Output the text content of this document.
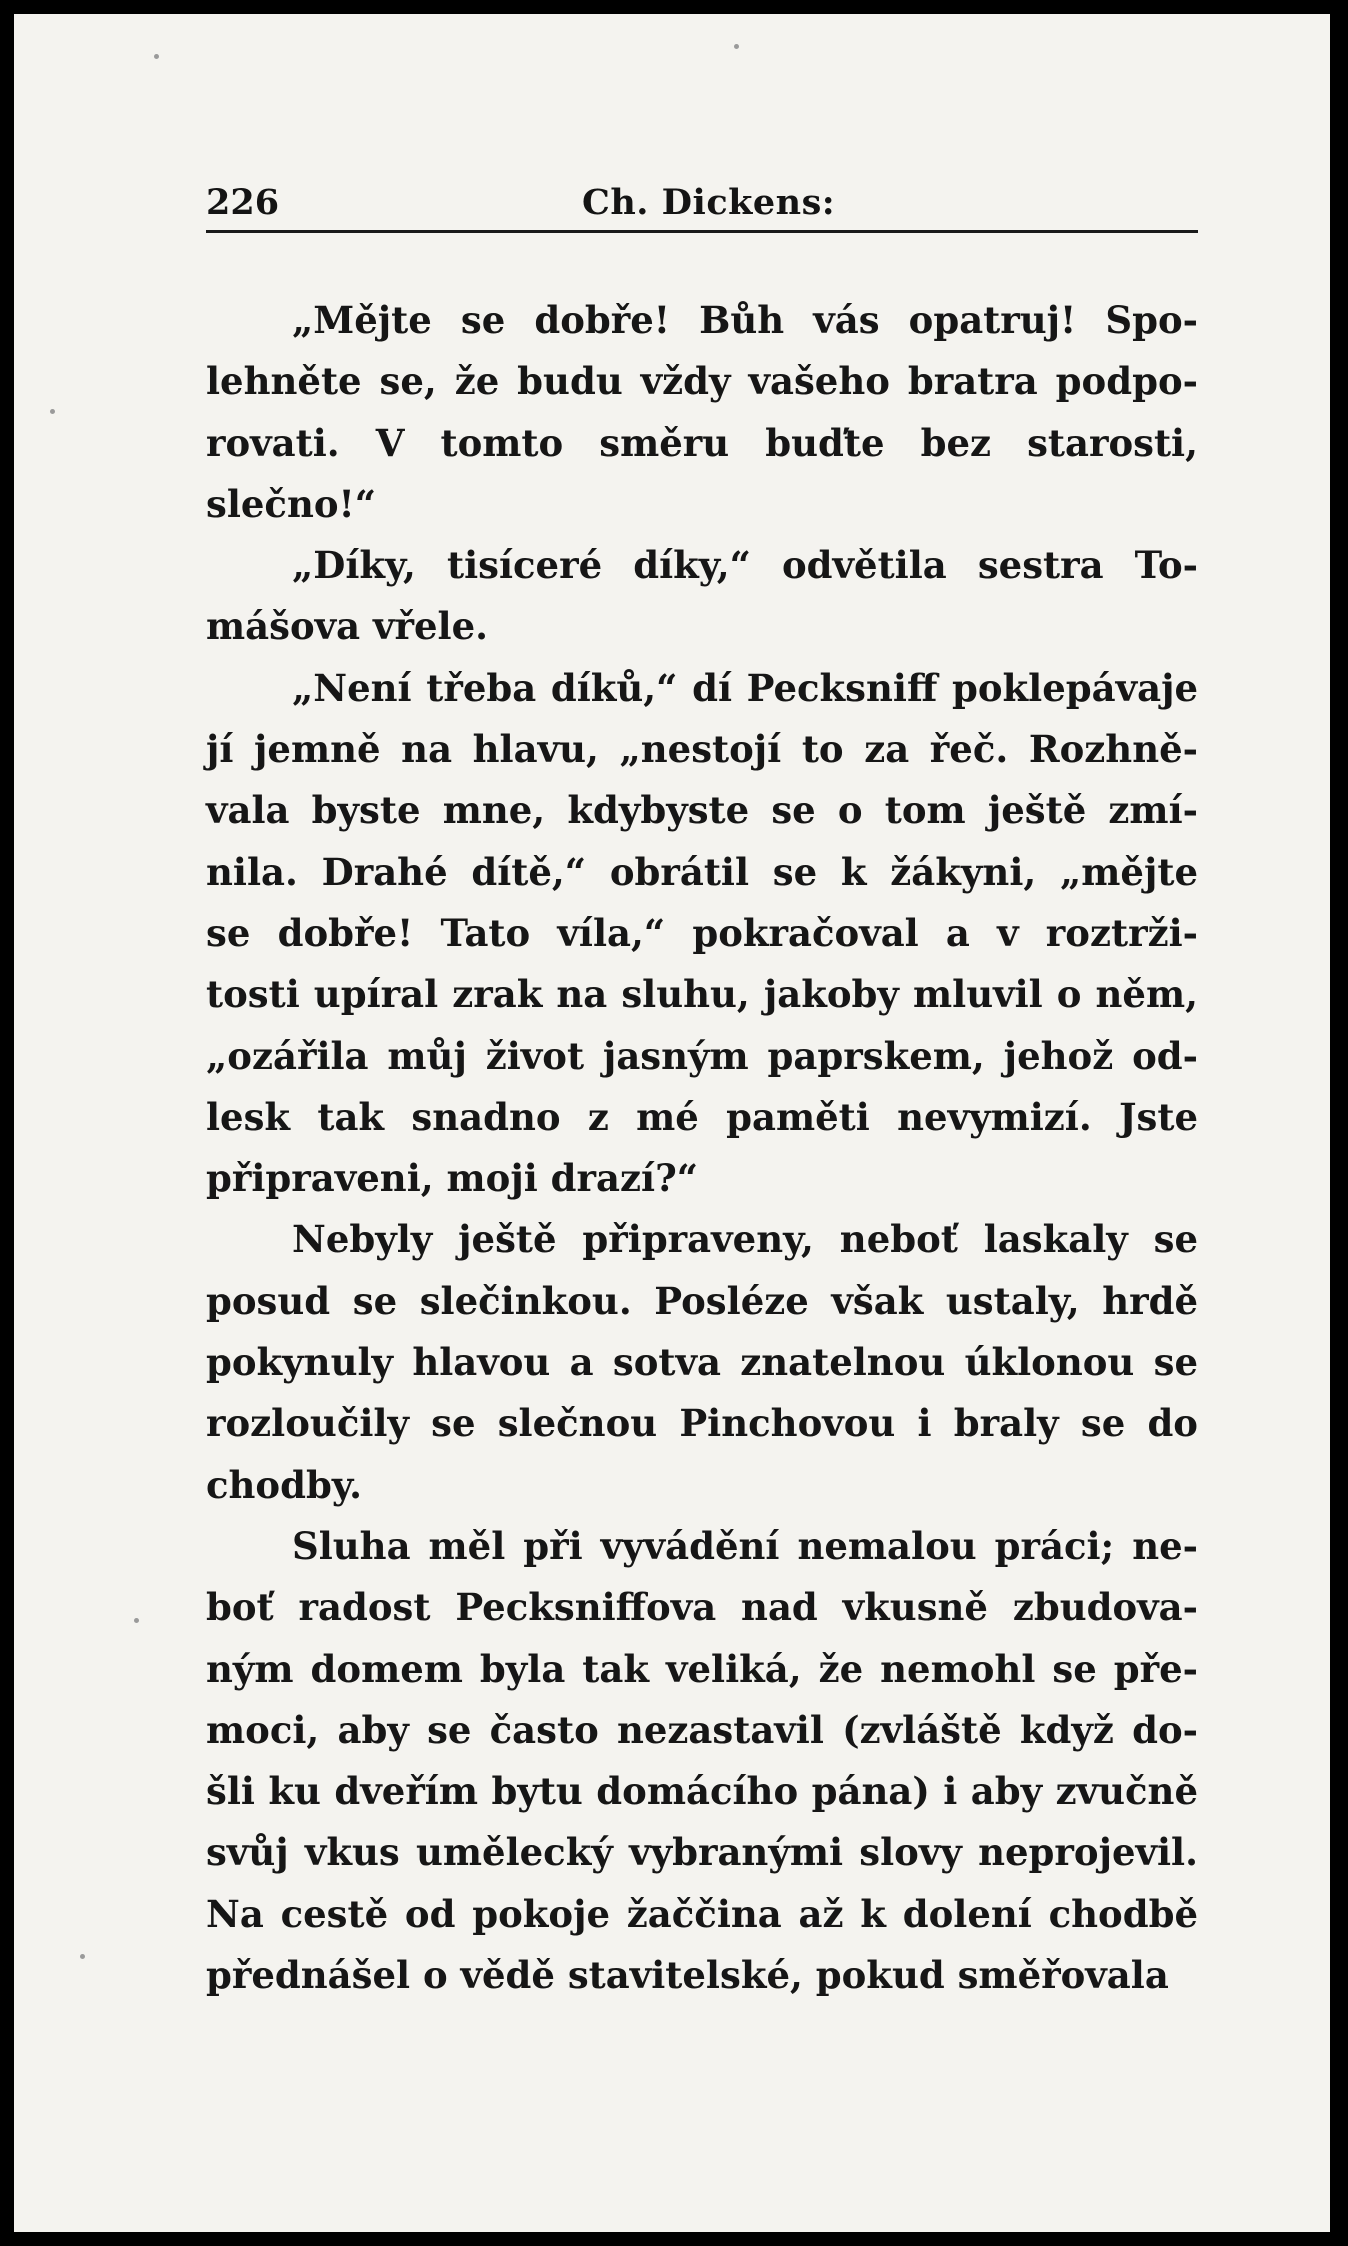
226	Ch. Dickens:
„Mějte se dobře! Bůh vás opatruj! Spo-
lehněte se, že budu vždy vašeho bratra podpo-
rovati. V tomto směru buďte bez starosti,
slečno!“
„Díky, tisíceré díky,“ odvětila sestra To-
mášova vřele.
„Není třeba díků,“ dí Pecksniff poklepávaje
jí jemně na hlavu, „nestojí to za řeč. Rozhně-
vala byste mne, kdybyste se o tom ještě zmí-
nila. Drahé dítě,“ obrátil se k žákyni, „mějte
se dobře! Tato víla,“ pokračoval a v roztrži-
tosti upíral zrak na sluhu, jakoby mluvil o něm,
„ozářila můj život jasným paprskem, jehož od-
lesk tak snadno z mé paměti nevymizí. Jste
připraveni, moji drazí?“
Nebyly ještě připraveny, neboť laskaly se
posud se slečinkou. Posléze však ustaly, hrdě
pokynuly hlavou a sotva znatelnou úklonou se
rozloučily se slečnou Pinchovou i braly se do
chodby.
Sluha měl při vyvádění nemalou práci; ne-
boť radost Pecksniffova nad vkusně zbudova-
ným domem byla tak veliká, že nemohl se pře-
moci, aby se často nezastavil (zvláště když do-
šli ku dveřím bytu domácího pána) i aby zvučně
svůj vkus umělecký vybranými slovy neprojevil.
Na cestě od pokoje žaččina až k dolení chodbě
přednášel o vědě stavitelské, pokud směřovala
